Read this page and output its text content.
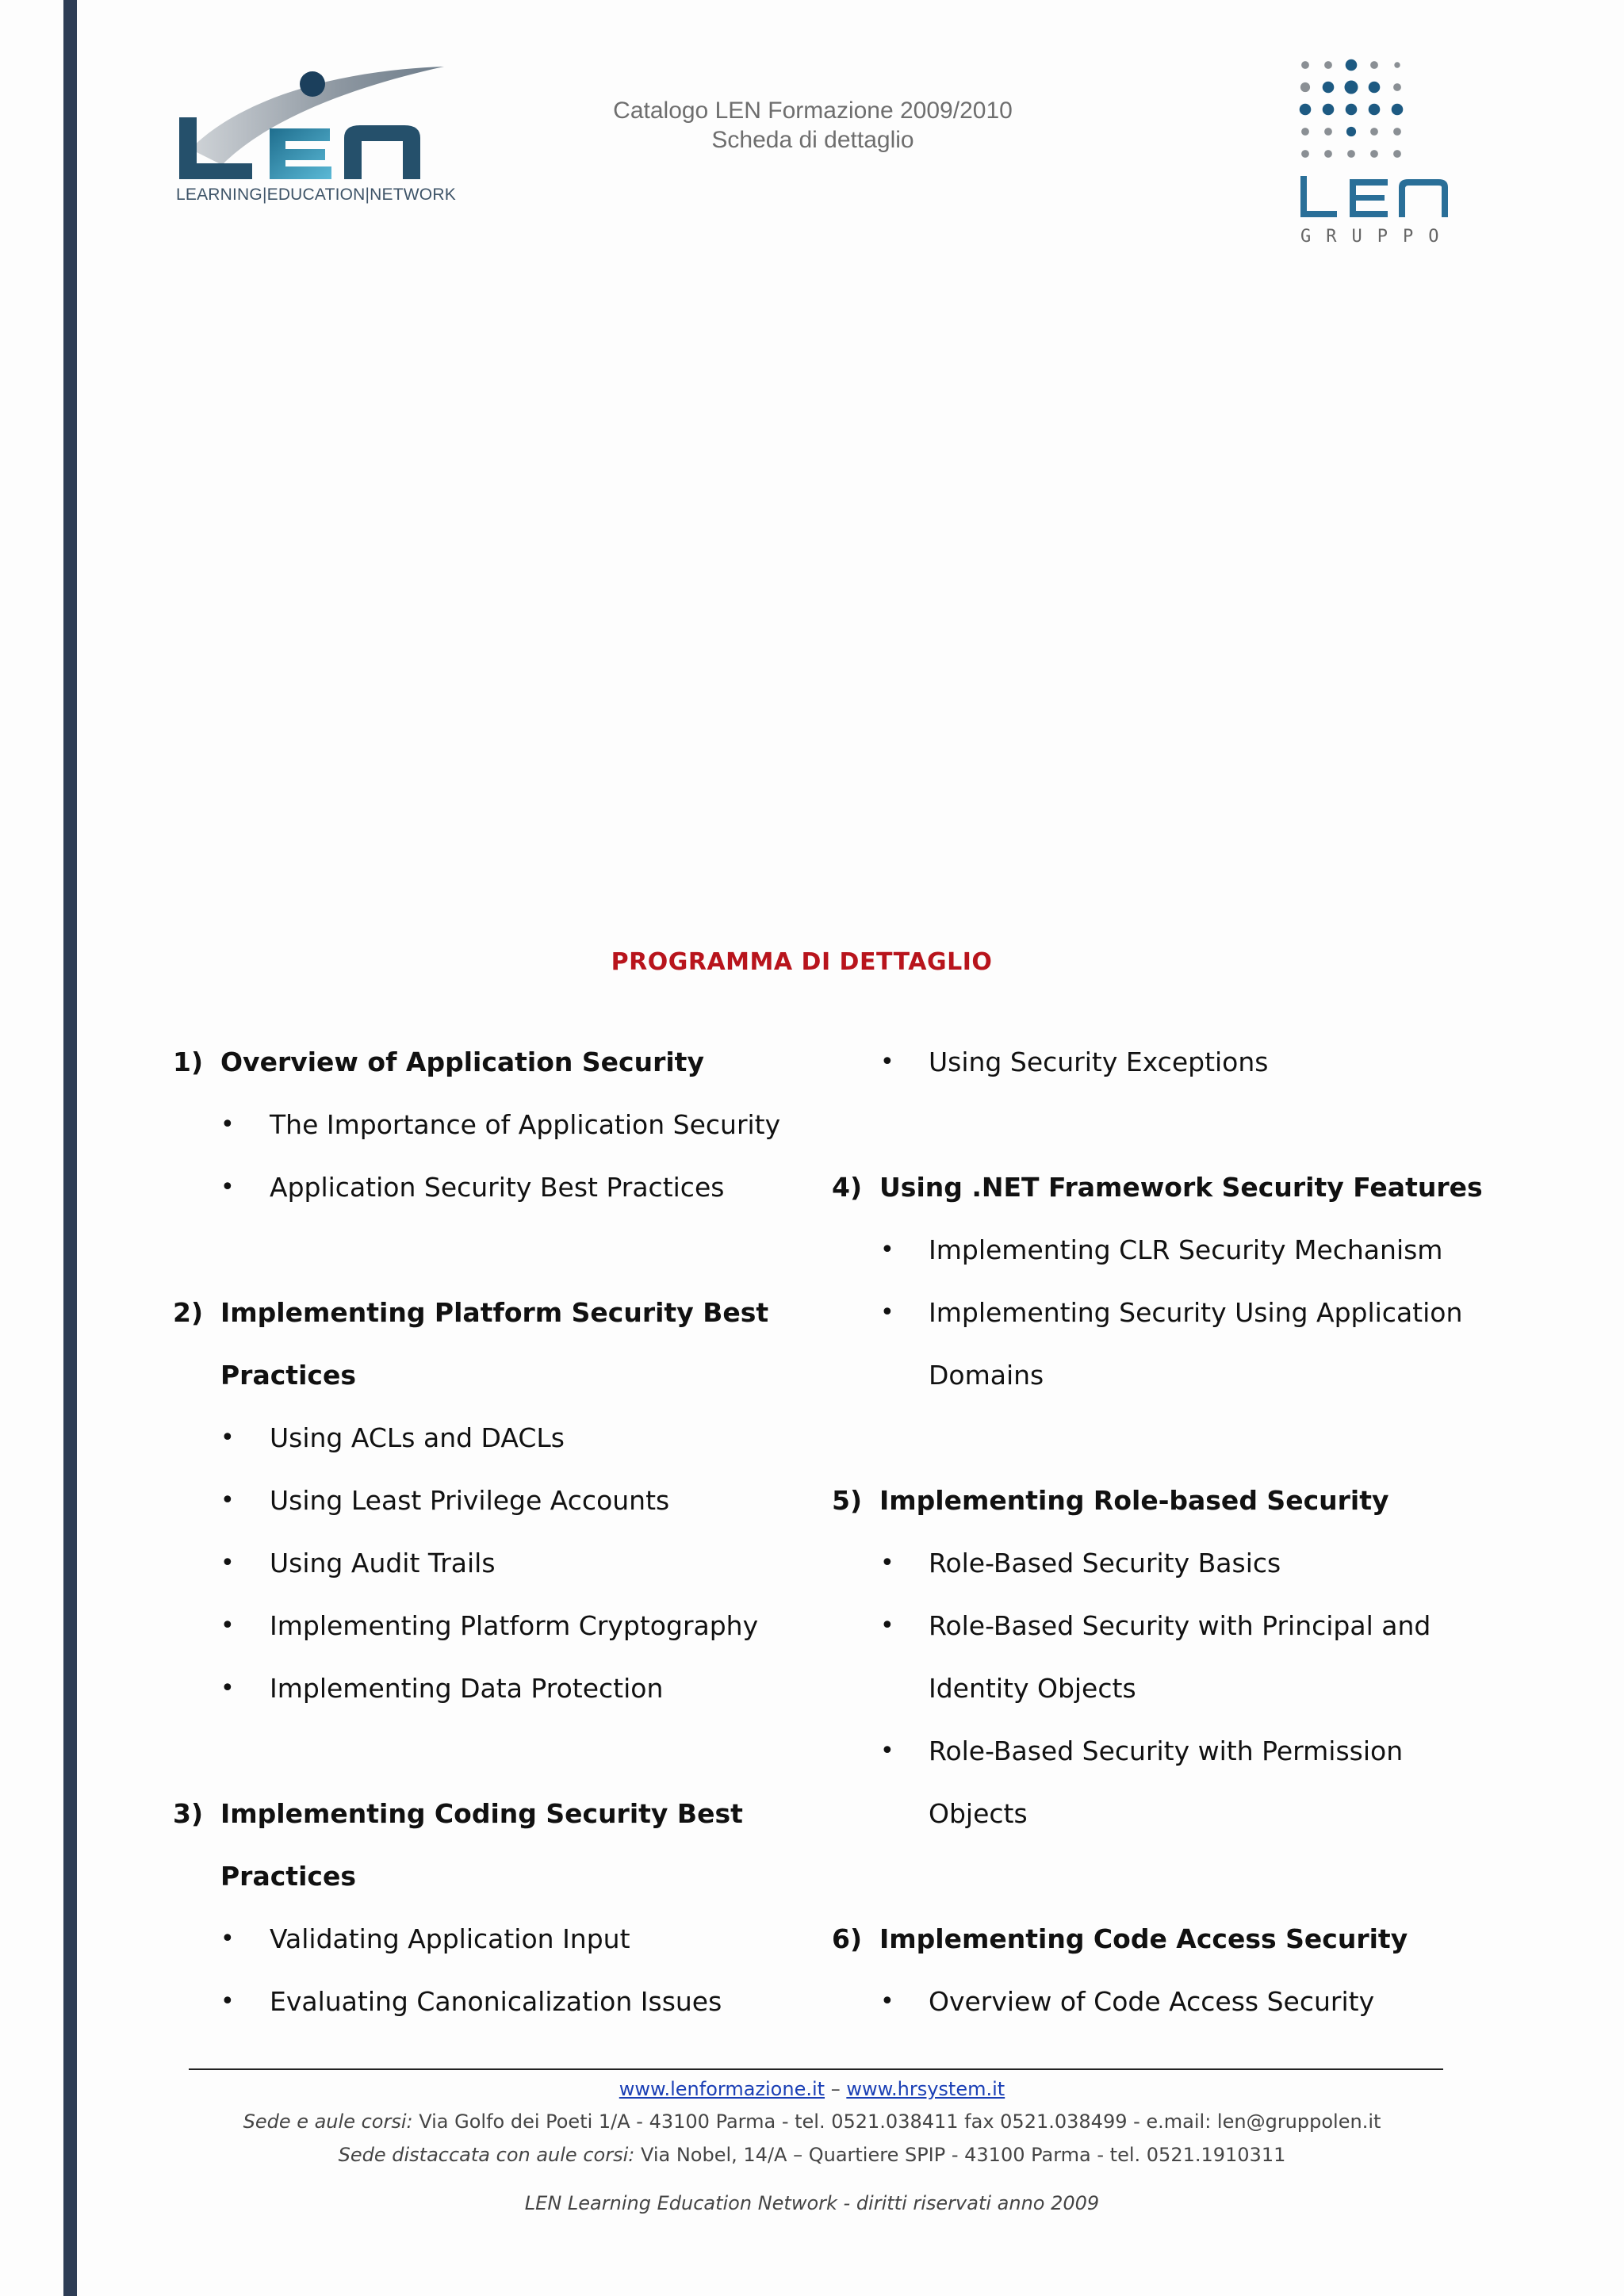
LEARNING|EDUCATION|NETWORK
Catalogo LEN Formazione 2009/2010
Scheda di dettaglio
GRUPPO
PROGRAMMA DI DETTAGLIO
1) Overview of Application Security
• The Importance of Application Security
• Application Security Best Practices
2) Implementing Platform Security Best
Practices
• Using ACLs and DACLs
• Using Least Privilege Accounts
• Using Audit Trails
• Implementing Platform Cryptography
• Implementing Data Protection
3) Implementing Coding Security Best
Practices
• Validating Application Input
• Evaluating Canonicalization Issues
• Using Security Exceptions
4) Using .NET Framework Security Features
• Implementing CLR Security Mechanism
• Implementing Security Using Application
Domains
5) Implementing Role-based Security
• Role-Based Security Basics
• Role-Based Security with Principal and
Identity Objects
• Role-Based Security with Permission
Objects
6) Implementing Code Access Security
• Overview of Code Access Security
www.lenformazione.it – www.hrsystem.it
Sede e aule corsi: Via Golfo dei Poeti 1/A - 43100 Parma - tel. 0521.038411 fax 0521.038499 - e.mail: len@gruppolen.it
Sede distaccata con aule corsi: Via Nobel, 14/A – Quartiere SPIP - 43100 Parma - tel. 0521.1910311
LEN Learning Education Network - diritti riservati anno 2009
